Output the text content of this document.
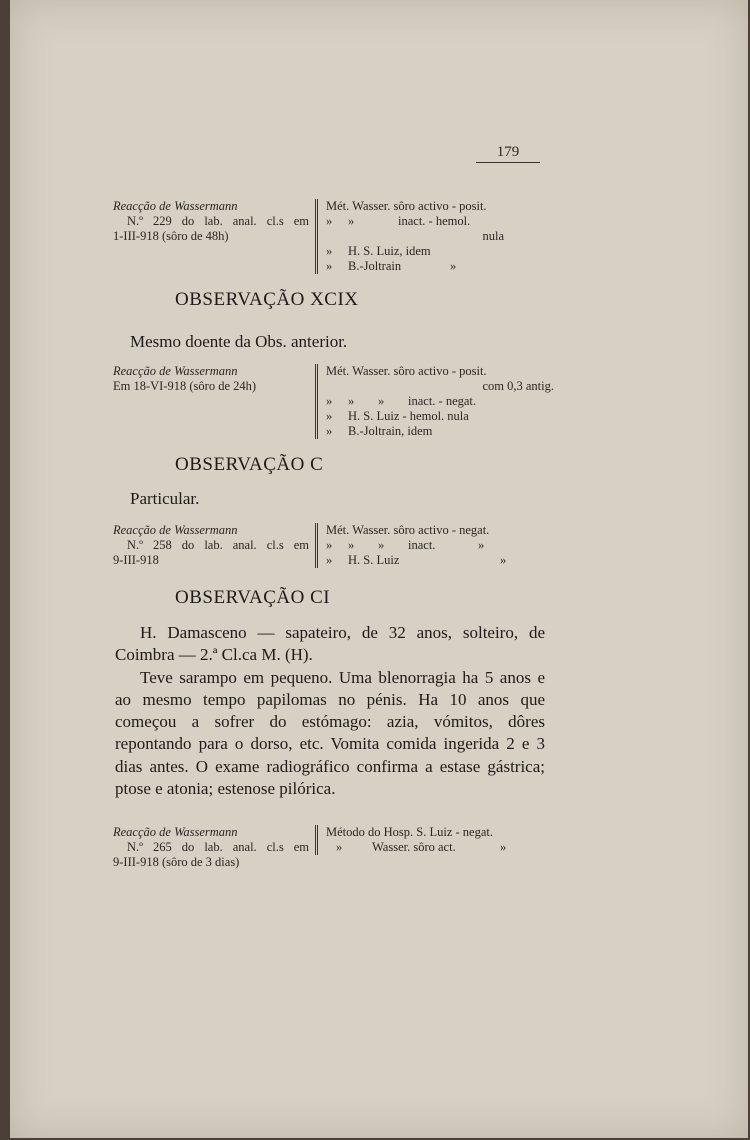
179
Reacção de Wassermann
N.º 229 do lab. anal. cl.s em
1-III-918 (sôro de 48h)
Mét. Wasser. sôro activo - posit.
» »	inact. - hemol.
nula
» H. S. Luiz, idem
» B.-Joltrain	»
OBSERVAÇÃO XCIX
Mesmo doente da Obs. anterior.
Reacção de Wassermann
Em 18-VI-918 (sôro de 24h)
Mét. Wasser. sôro activo - posit.
com 0,3 antig.
» » » inact. - negat.
» H. S. Luiz - hemol. nula
» B.-Joltrain, idem
OBSERVAÇÃO C
Particular.
Reacção de Wassermann
N.º 258 do lab. anal. cl.s em
9-III-918
Mét. Wasser. sôro activo - negat.
» » » inact.	»
» H. S. Luiz	»
OBSERVAÇÃO CI

H. Damasceno — sapateiro, de 32 anos, solteiro, de Coimbra — 2.ª Cl.ca M. (H).

Teve sarampo em pequeno. Uma blenorragia ha 5 anos e ao mesmo tempo papilomas no pénis. Ha 10 anos que começou a sofrer do estómago: azia, vómitos, dôres repontando para o dorso, etc. Vomita comida ingerida 2 e 3 dias antes. O exame radiográfico confirma a estase gástrica; ptose e atonia; estenose pilórica.

Reacção de Wassermann
N.º 265 do lab. anal. cl.s em
9-III-918 (sôro de 3 dias)
Método do Hosp. S. Luiz - negat.
» Wasser. sôro act.	»
